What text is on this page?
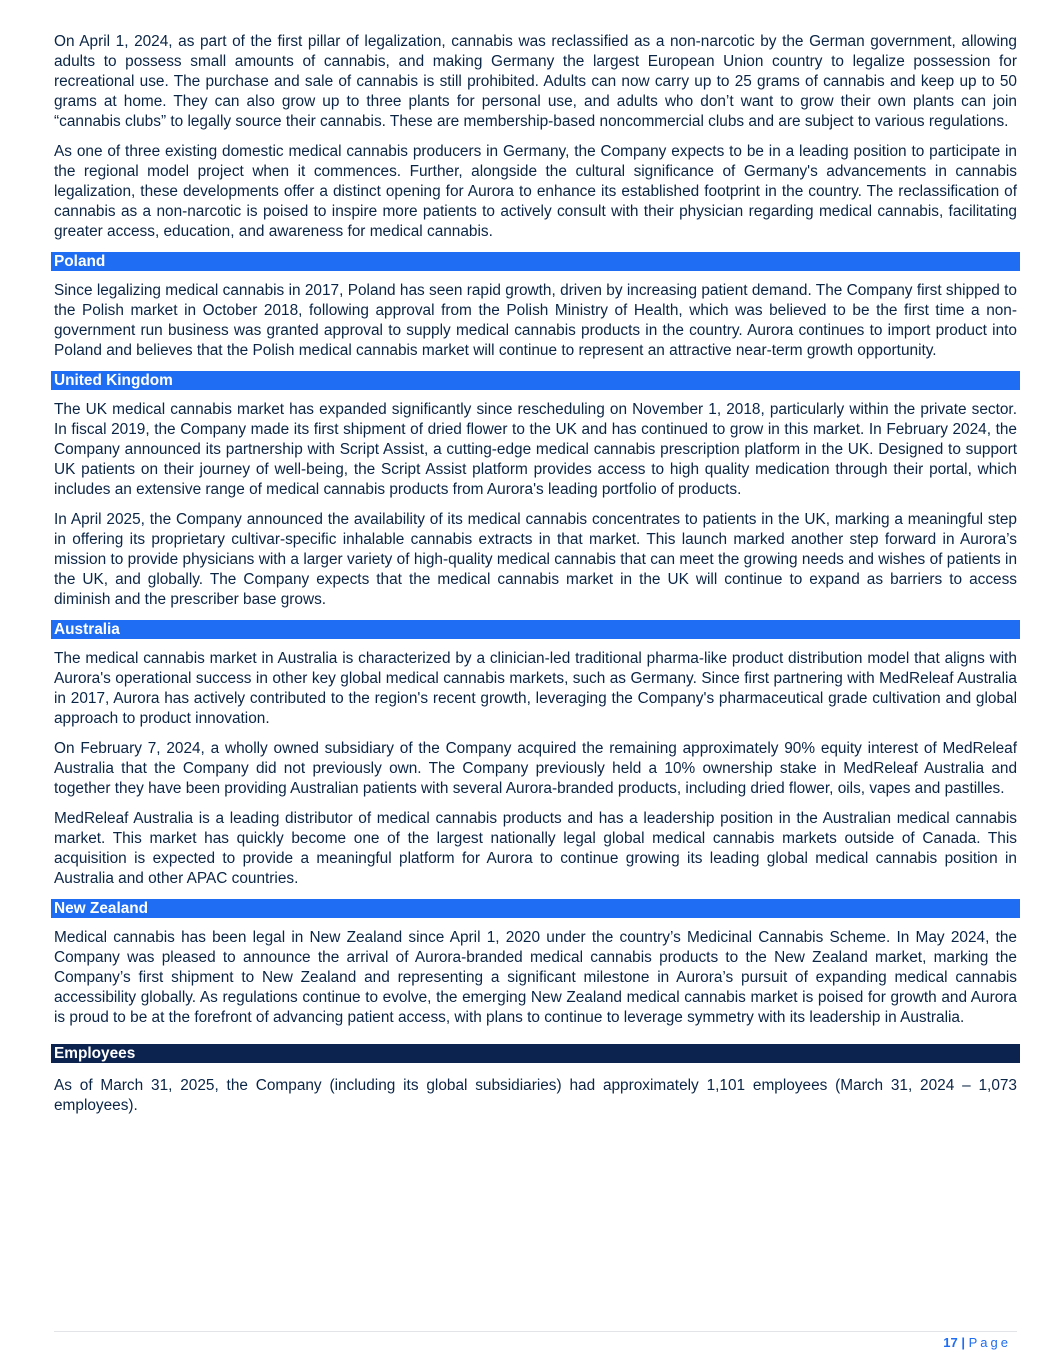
On April 1, 2024, as part of the first pillar of legalization, cannabis was reclassified as a non-narcotic by the German government, allowing adults to possess small amounts of cannabis, and making Germany the largest European Union country to legalize possession for recreational use. The purchase and sale of cannabis is still prohibited. Adults can now carry up to 25 grams of cannabis and keep up to 50 grams at home. They can also grow up to three plants for personal use, and adults who don’t want to grow their own plants can join “cannabis clubs” to legally source their cannabis. These are membership-based noncommercial clubs and are subject to various regulations.

As one of three existing domestic medical cannabis producers in Germany, the Company expects to be in a leading position to participate in the regional model project when it commences. Further, alongside the cultural significance of Germany's advancements in cannabis legalization, these developments offer a distinct opening for Aurora to enhance its established footprint in the country. The reclassification of cannabis as a non-narcotic is poised to inspire more patients to actively consult with their physician regarding medical cannabis, facilitating greater access, education, and awareness for medical cannabis.

Poland

Since legalizing medical cannabis in 2017, Poland has seen rapid growth, driven by increasing patient demand. The Company first shipped to the Polish market in October 2018, following approval from the Polish Ministry of Health, which was believed to be the first time a non-government run business was granted approval to supply medical cannabis products in the country. Aurora continues to import product into Poland and believes that the Polish medical cannabis market will continue to represent an attractive near-term growth opportunity.

United Kingdom

The UK medical cannabis market has expanded significantly since rescheduling on November 1, 2018, particularly within the private sector. In fiscal 2019, the Company made its first shipment of dried flower to the UK and has continued to grow in this market. In February 2024, the Company announced its partnership with Script Assist, a cutting-edge medical cannabis prescription platform in the UK. Designed to support UK patients on their journey of well-being, the Script Assist platform provides access to high quality medication through their portal, which includes an extensive range of medical cannabis products from Aurora's leading portfolio of products.

In April 2025, the Company announced the availability of its medical cannabis concentrates to patients in the UK, marking a meaningful step in offering its proprietary cultivar-specific inhalable cannabis extracts in that market. This launch marked another step forward in Aurora’s mission to provide physicians with a larger variety of high-quality medical cannabis that can meet the growing needs and wishes of patients in the UK, and globally. The Company expects that the medical cannabis market in the UK will continue to expand as barriers to access diminish and the prescriber base grows.

Australia

The medical cannabis market in Australia is characterized by a clinician-led traditional pharma-like product distribution model that aligns with Aurora's operational success in other key global medical cannabis markets, such as Germany. Since first partnering with MedReleaf Australia in 2017, Aurora has actively contributed to the region's recent growth, leveraging the Company's pharmaceutical grade cultivation and global approach to product innovation.

On February 7, 2024, a wholly owned subsidiary of the Company acquired the remaining approximately 90% equity interest of MedReleaf Australia that the Company did not previously own. The Company previously held a 10% ownership stake in MedReleaf Australia and together they have been providing Australian patients with several Aurora-branded products, including dried flower, oils, vapes and pastilles.

MedReleaf Australia is a leading distributor of medical cannabis products and has a leadership position in the Australian medical cannabis market. This market has quickly become one of the largest nationally legal global medical cannabis markets outside of Canada. This acquisition is expected to provide a meaningful platform for Aurora to continue growing its leading global medical cannabis position in Australia and other APAC countries.

New Zealand

Medical cannabis has been legal in New Zealand since April 1, 2020 under the country’s Medicinal Cannabis Scheme. In May 2024, the Company was pleased to announce the arrival of Aurora-branded medical cannabis products to the New Zealand market, marking the Company’s first shipment to New Zealand and representing a significant milestone in Aurora’s pursuit of expanding medical cannabis accessibility globally. As regulations continue to evolve, the emerging New Zealand medical cannabis market is poised for growth and Aurora is proud to be at the forefront of advancing patient access, with plans to continue to leverage symmetry with its leadership in Australia.

Employees

As of March 31, 2025, the Company (including its global subsidiaries) had approximately 1,101 employees (March 31, 2024 – 1,073 employees).

17 | Page
